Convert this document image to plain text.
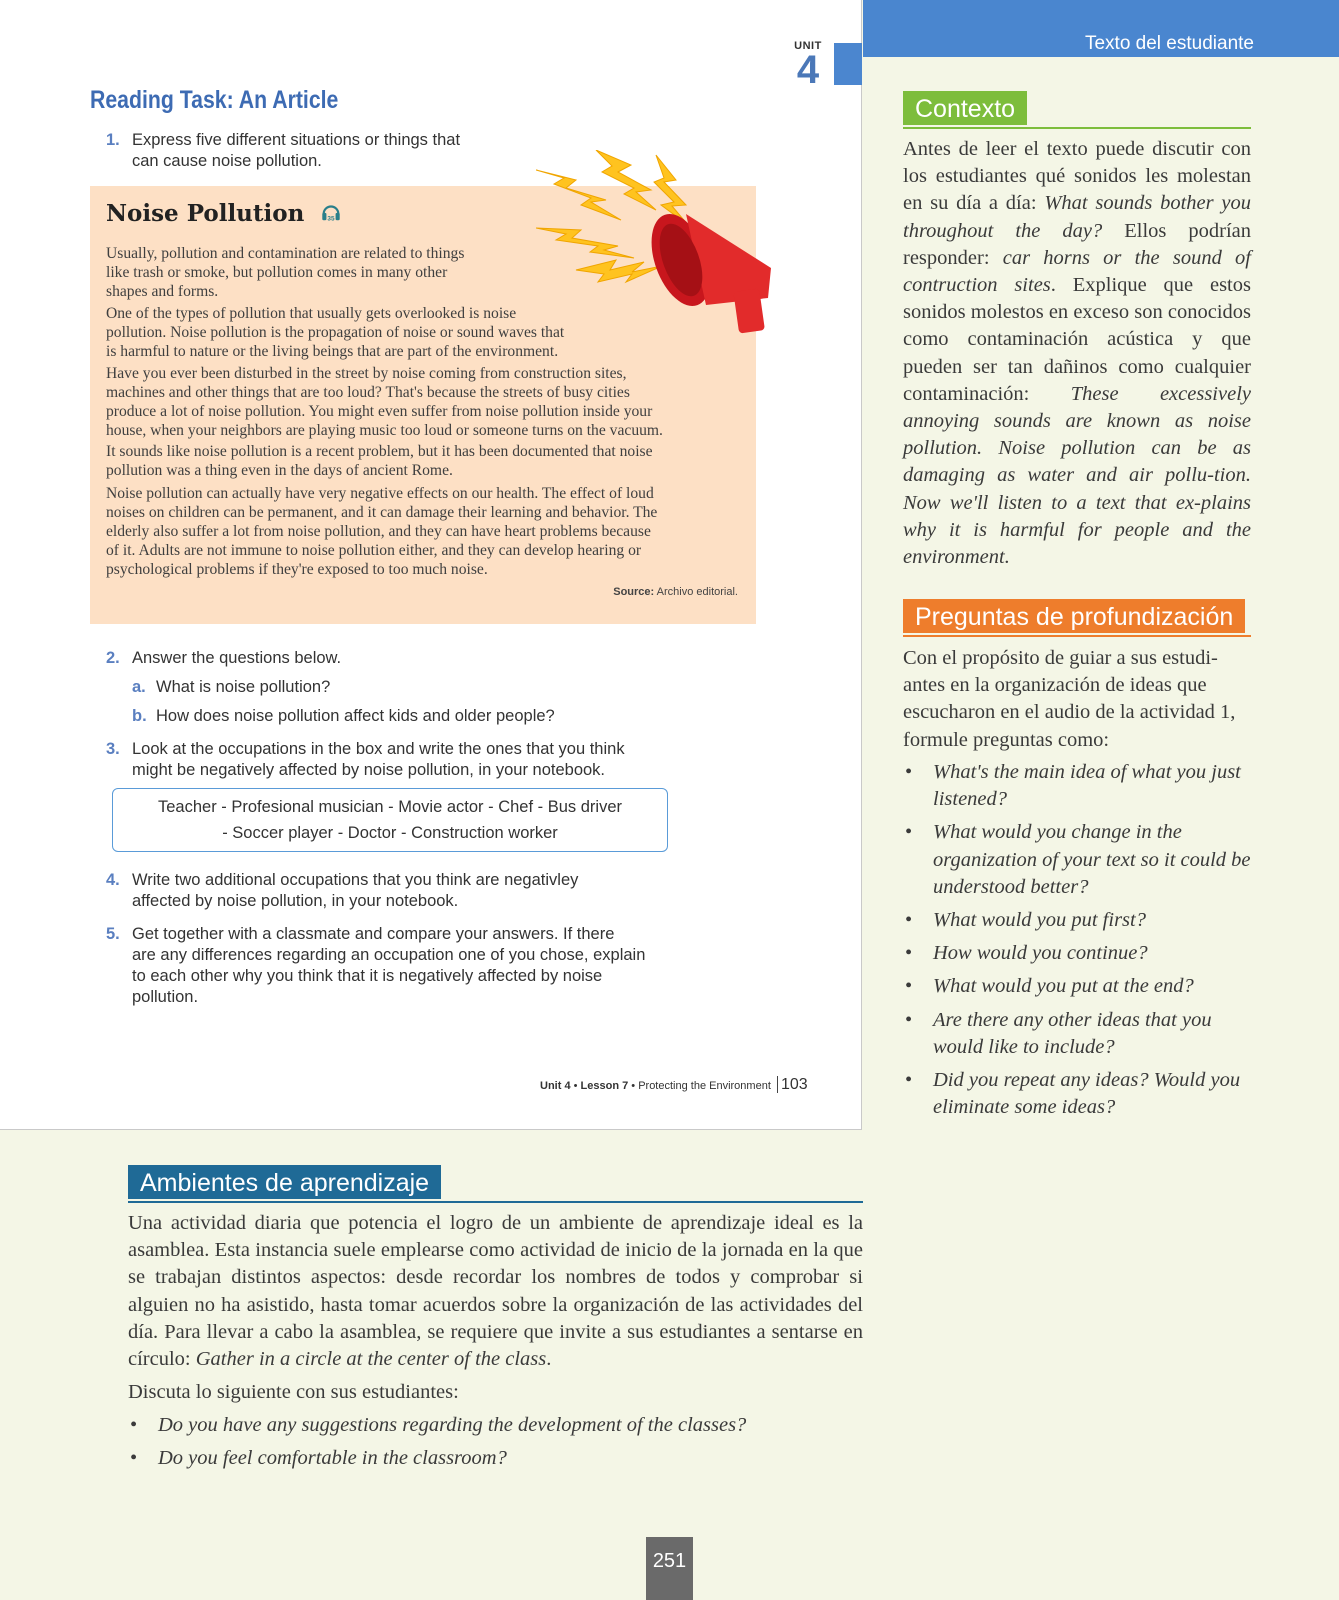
UNIT
4
Reading Task: An Article
1. Express five different situations or things that
can cause noise pollution.
Noise Pollution	35

Usually, pollution and contamination are related to things
like trash or smoke, but pollution comes in many other
shapes and forms.

One of the types of pollution that usually gets overlooked is noise
pollution. Noise pollution is the propagation of noise or sound waves that
is harmful to nature or the living beings that are part of the environment.

Have you ever been disturbed in the street by noise coming from construction sites,
machines and other things that are too loud? That's because the streets of busy cities
produce a lot of noise pollution. You might even suffer from noise pollution inside your
house, when your neighbors are playing music too loud or someone turns on the vacuum.

It sounds like noise pollution is a recent problem, but it has been documented that noise
pollution was a thing even in the days of ancient Rome.

Noise pollution can actually have very negative effects on our health. The effect of loud
noises on children can be permanent, and it can damage their learning and behavior. The
elderly also suffer a lot from noise pollution, and they can have heart problems because
of it. Adults are not immune to noise pollution either, and they can develop hearing or
psychological problems if they're exposed to too much noise.

Source: Archivo editorial.
2. Answer the questions below.
a. What is noise pollution?
b. How does noise pollution affect kids and older people?
3. Look at the occupations in the box and write the ones that you think
might be negatively affected by noise pollution, in your notebook.
Teacher - Profesional musician - Movie actor - Chef - Bus driver
- Soccer player - Doctor - Construction worker
4. Write two additional occupations that you think are negativley
affected by noise pollution, in your notebook.
5. Get together with a classmate and compare your answers. If there
are any differences regarding an occupation one of you chose, explain
to each other why you think that it is negatively affected by noise
pollution.
Unit 4 • Lesson 7 • Protecting the Environment 103
Texto del estudiante
Contexto
Antes de leer el texto puede discutir con los estudiantes qué sonidos les molestan en su día a día: What sounds bother you throughout the day? Ellos podrían responder: car horns or the sound of contruction sites. Explique que estos sonidos molestos en exceso son conocidos como contaminación acústica y que pueden ser tan dañinos como cualquier contaminación: These excessively annoying sounds are known as noise pollution. Noise pollution can be as damaging as water and air pollu-tion. Now we'll listen to a text that ex-plains why it is harmful for people and the environment.
Preguntas de profundización
Con el propósito de guiar a sus estudi-antes en la organización de ideas que escucharon en el audio de la actividad 1, formule preguntas como:
• What's the main idea of what you just listened?
• What would you change in the organization of your text so it could be understood better?
• What would you put first?
• How would you continue?
• What would you put at the end?
• Are there any other ideas that you would like to include?
• Did you repeat any ideas? Would you eliminate some ideas?
Ambientes de aprendizaje
Una actividad diaria que potencia el logro de un ambiente de aprendizaje ideal es la asamblea. Esta instancia suele emplearse como actividad de inicio de la jornada en la que se trabajan distintos aspectos: desde recordar los nombres de todos y comprobar si alguien no ha asistido, hasta tomar acuerdos sobre la organización de las actividades del día. Para llevar a cabo la asamblea, se requiere que invite a sus estudiantes a sentarse en círculo: Gather in a circle at the center of the class.
Discuta lo siguiente con sus estudiantes:
• Do you have any suggestions regarding the development of the classes?
• Do you feel comfortable in the classroom?
251
